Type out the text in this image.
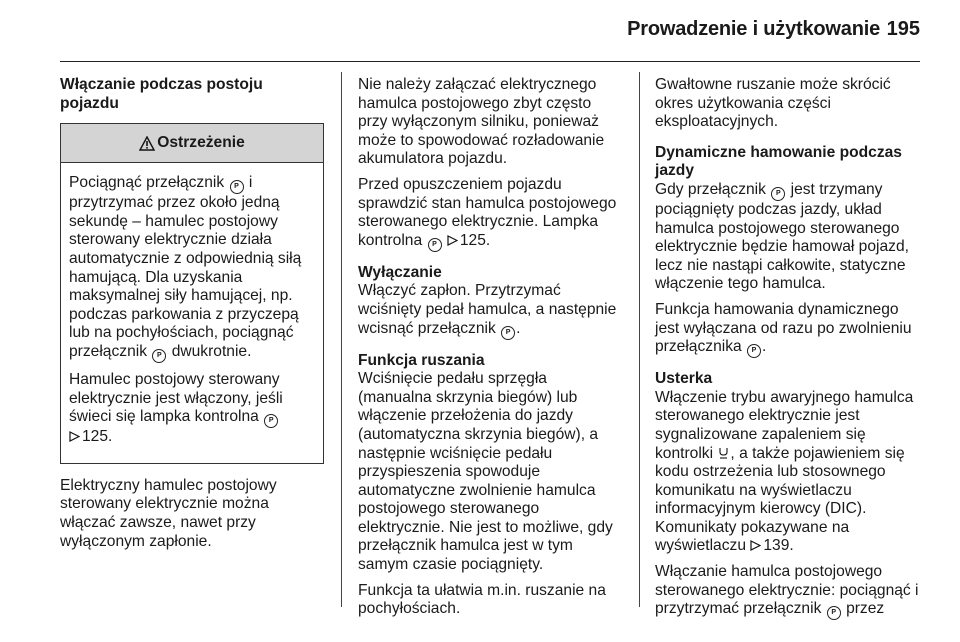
Prowadzenie i użytkowanie 195
Włączanie podczas postoju pojazdu
Ostrzeżenie

Pociągnąć przełącznik P i przytrzymać przez około jedną sekundę – hamulec postojowy sterowany elektrycznie działa automatycznie z odpowiednią siłą hamującą. Dla uzyskania maksymalnej siły hamującej, np. podczas parkowania z przyczepą lub na pochyłościach, pociągnąć przełącznik P dwukrotnie.

Hamulec postojowy sterowany elektrycznie jest włączony, jeśli świeci się lampka kontrolna P
125.

Elektryczny hamulec postojowy sterowany elektrycznie można włączać zawsze, nawet przy wyłączonym zapłonie.

Nie należy załączać elektrycznego hamulca postojowego zbyt często przy wyłączonym silniku, ponieważ może to spowodować rozładowanie akumulatora pojazdu.

Przed opuszczeniem pojazdu sprawdzić stan hamulca postojowego sterowanego elektrycznie. Lampka kontrolna P 125.

Wyłączanie

Włączyć zapłon. Przytrzymać wciśnięty pedał hamulca, a następnie wcisnąć przełącznik P .

Funkcja ruszania

Wciśnięcie pedału sprzęgła (manualna skrzynia biegów) lub włączenie przełożenia do jazdy (automatyczna skrzynia biegów), a następnie wciśnięcie pedału przyspieszenia spowoduje automatyczne zwolnienie hamulca postojowego sterowanego elektrycznie. Nie jest to możliwe, gdy przełącznik hamulca jest w tym samym czasie pociągnięty.

Funkcja ta ułatwia m.in. ruszanie na pochyłościach.

Gwałtowne ruszanie może skrócić okres użytkowania części eksploatacyjnych.

Dynamiczne hamowanie podczas jazdy

Gdy przełącznik P jest trzymany pociągnięty podczas jazdy, układ hamulca postojowego sterowanego elektrycznie będzie hamował pojazd, lecz nie nastąpi całkowite, statyczne włączenie tego hamulca.

Funkcja hamowania dynamicznego jest wyłączana od razu po zwolnieniu przełącznika P .

Usterka

Włączenie trybu awaryjnego hamulca sterowanego elektrycznie jest sygnalizowane zapaleniem się kontrolki , a także pojawieniem się kodu ostrzeżenia lub stosownego komunikatu na wyświetlaczu informacyjnym kierowcy (DIC). Komunikaty pokazywane na wyświetlaczu 139.

Włączanie hamulca postojowego sterowanego elektrycznie: pociągnąć i przytrzymać przełącznik P przez
